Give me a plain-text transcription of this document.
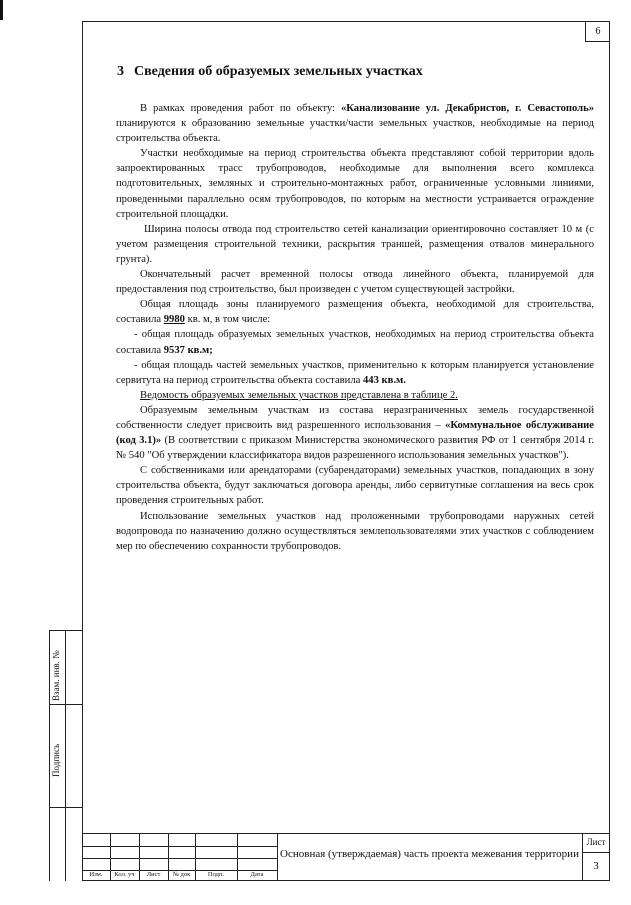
6
3 Сведения об образуемых земельных участках

В рамках проведения работ по объекту: «Канализование ул. Декабристов, г. Севастополь» планируются к образованию земельные участки/части земельных участков, необходимые на период строительства объекта.

Участки необходимые на период строительства объекта представляют собой территории вдоль запроектированных трасс трубопроводов, необходимые для выполнения всего комплекса подготовительных, земляных и строительно-монтажных работ, ограниченные условными линиями, проведенными параллельно осям трубопроводов, по которым на местности устраивается ограждение строительной площадки.

Ширина полосы отвода под строительство сетей канализации ориентировочно составляет 10 м (с учетом размещения строительной техники, раскрытия траншей, размещения отвалов минерального грунта).

Окончательный расчет временной полосы отвода линейного объекта, планируемой для предоставления под строительство, был произведен с учетом существующей застройки.

Общая площадь зоны планируемого размещения объекта, необходимой для строительства, составила 9980 кв. м, в том числе:

- общая площадь образуемых земельных участков, необходимых на период строительства объекта составила 9537 кв.м;

- общая площадь частей земельных участков, применительно к которым планируется установление сервитута на период строительства объекта составила 443 кв.м.

Ведомость образуемых земельных участков представлена в таблице 2.

Образуемым земельным участкам из состава неразграниченных земель государственной собственности следует присвоить вид разрешенного использования – «Коммунальное обслуживание (код 3.1)» (В соответствии с приказом Министерства экономического развития РФ от 1 сентября 2014 г. № 540 "Об утверждении классификатора видов разрешенного использования земельных участков").

С собственниками или арендаторами (субарендаторами) земельных участков, попадающих в зону строительства объекта, будут заключаться договора аренды, либо сервитутные соглашения на весь срок проведения строительных работ.

Использование земельных участков над проложенными трубопроводами наружных сетей водопровода по назначению должно осуществляться землепользователями этих участков с соблюдением мер по обеспечению сохранности трубопроводов.

Взам. инв. №
Подпись
Изм.	Кол. уч	Лист	№ док	Подп.	Дата
Основная (утверждаемая) часть проекта межевания территории
Лист
3
